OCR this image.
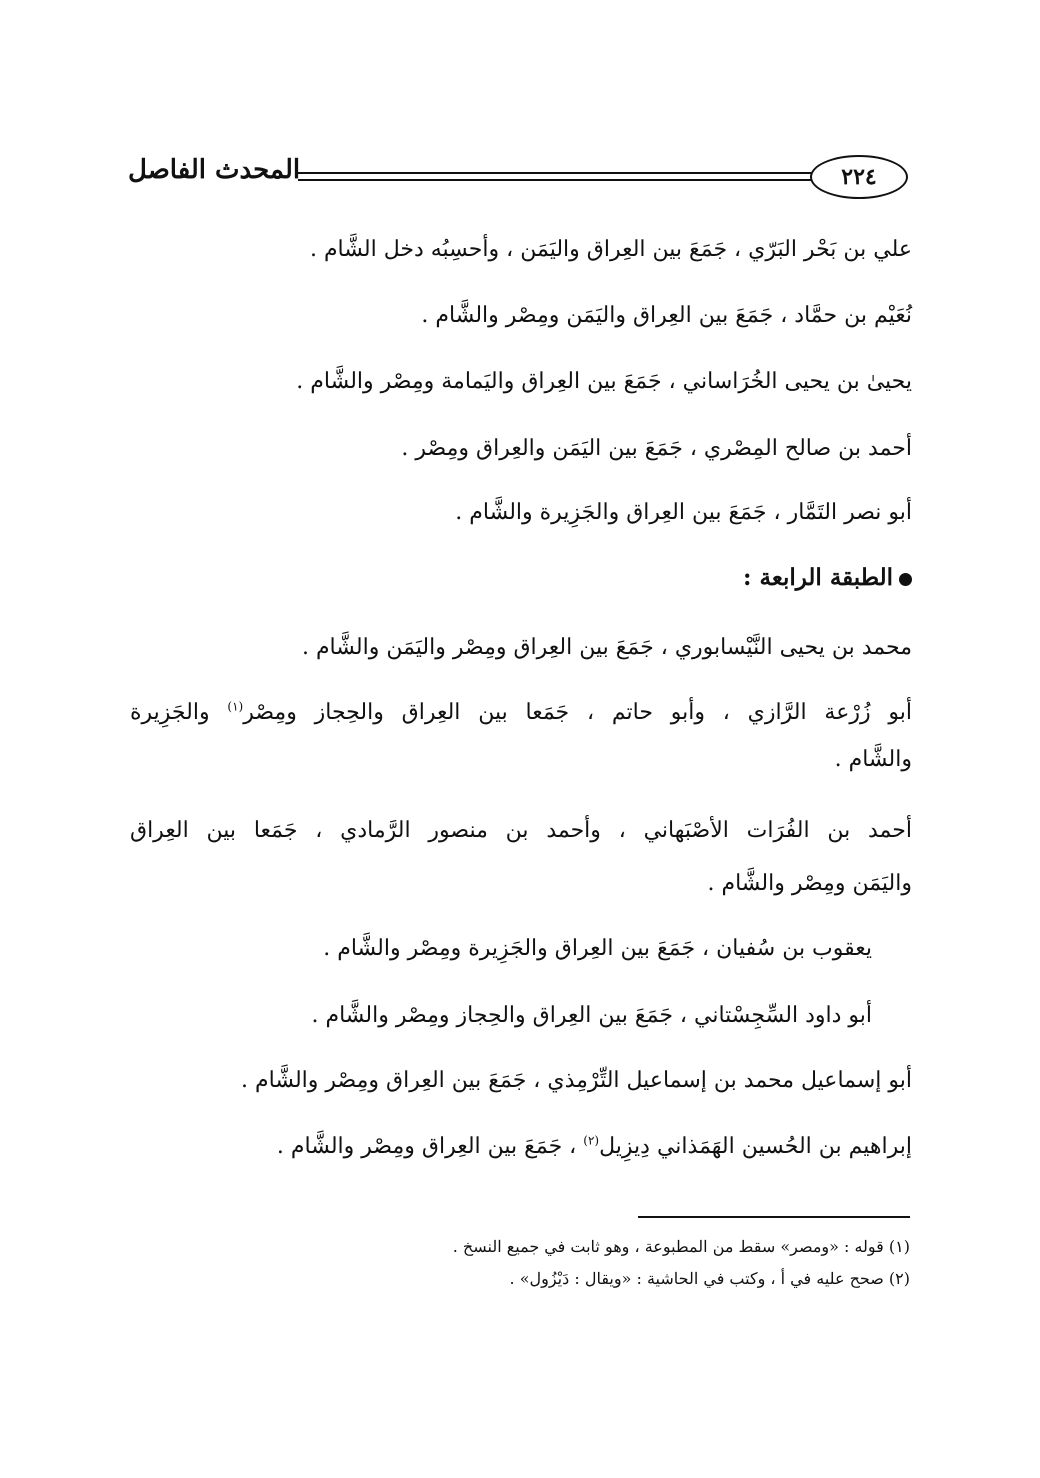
٢٢٤
المحدث الفاصل
علي بن بَحْر البَرّي ، جَمَعَ بين العِراق واليَمَن ، وأحسِبُه دخل الشَّام .
نُعَيْم بن حمَّاد ، جَمَعَ بين العِراق واليَمَن ومِصْر والشَّام .
يحيىٰ بن يحيى الخُرَاساني ، جَمَعَ بين العِراق واليَمامة ومِصْر والشَّام .
أحمد بن صالح المِصْري ، جَمَعَ بين اليَمَن والعِراق ومِصْر .
أبو نصر التَمَّار ، جَمَعَ بين العِراق والجَزِيرة والشَّام .
الطبقة الرابعة :
محمد بن يحيى النَّيْسابوري ، جَمَعَ بين العِراق ومِصْر واليَمَن والشَّام .
أبو زُرْعة الرَّازي ، وأبو حاتم ، جَمَعا بين العِراق والحِجاز ومِصْر$^{(١)}$ والجَزِيرة
والشَّام .
أحمد بن الفُرَات الأصْبَهاني ، وأحمد بن منصور الرَّمادي ، جَمَعا بين العِراق
واليَمَن ومِصْر والشَّام .
يعقوب بن سُفيان ، جَمَعَ بين العِراق والجَزِيرة ومِصْر والشَّام .
أبو داود السِّجِسْتاني ، جَمَعَ بين العِراق والحِجاز ومِصْر والشَّام .
أبو إسماعيل محمد بن إسماعيل التِّرْمِذي ، جَمَعَ بين العِراق ومِصْر والشَّام .
إبراهيم بن الحُسين الهَمَذاني دِيزِيل$^{(٢)}$ ، جَمَعَ بين العِراق ومِصْر والشَّام .
(١) قوله : «ومصر» سقط من المطبوعة ، وهو ثابت في جميع النسخ .
(٢) صحح عليه في أ ، وكتب في الحاشية : «ويقال : دَيْزُول» .
